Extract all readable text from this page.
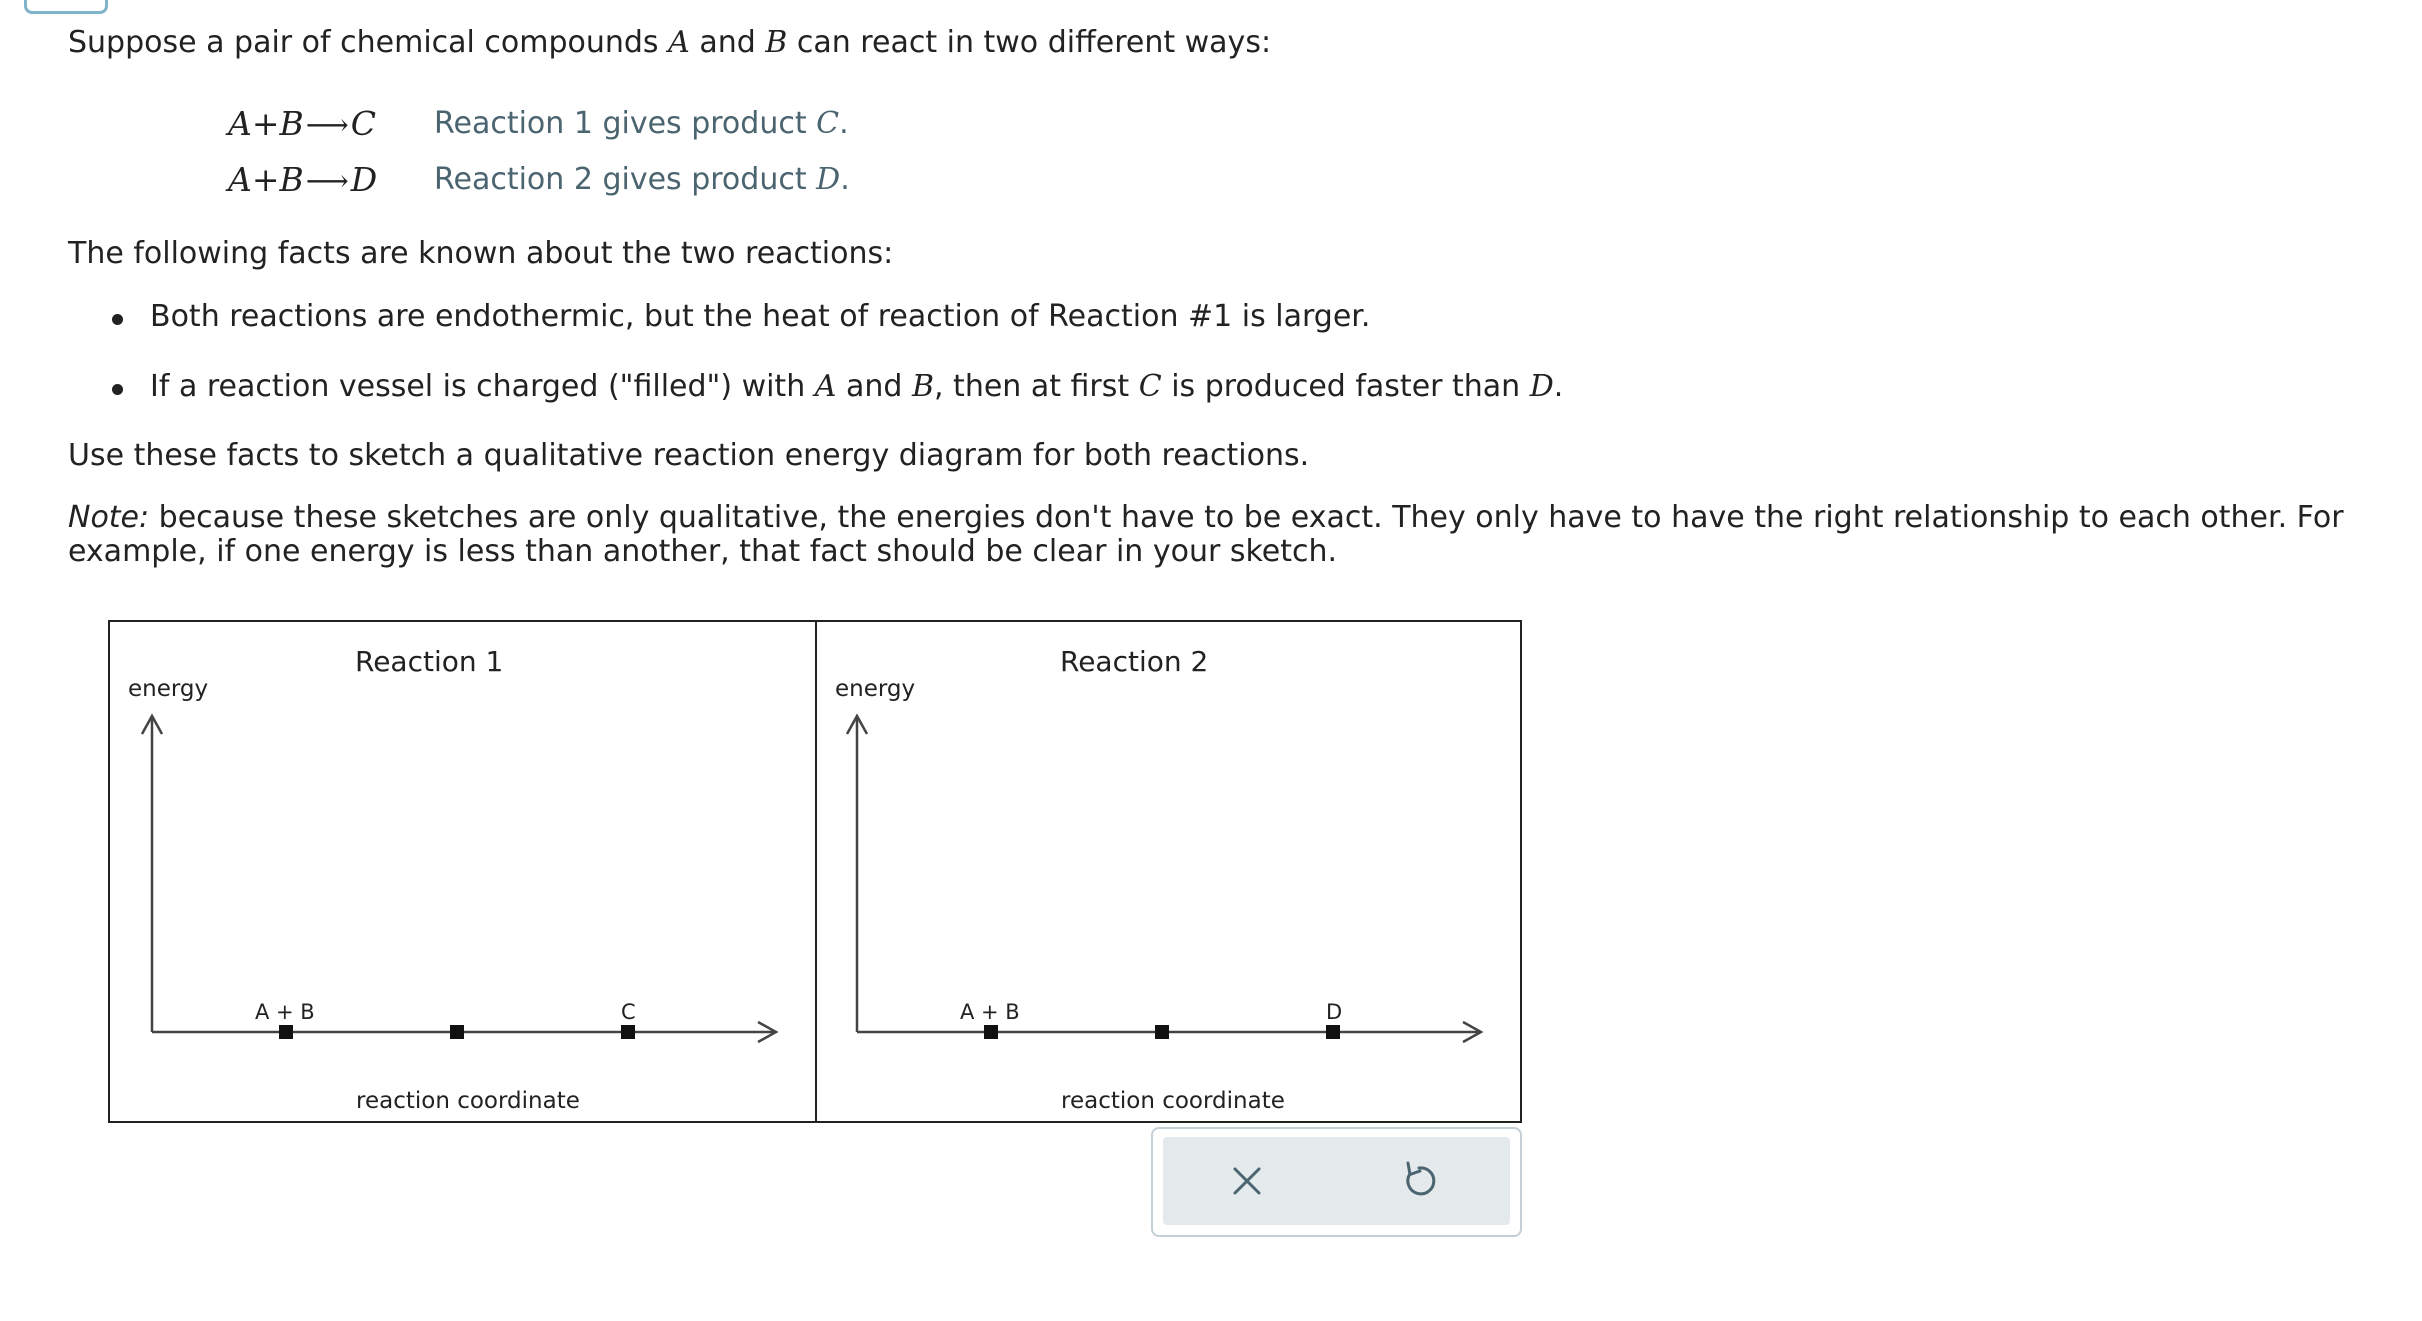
Suppose a pair of chemical compounds A and B can react in two different ways:
A+B⟶C Reaction 1 gives product C.
A+B⟶D Reaction 2 gives product D.
The following facts are known about the two reactions:
Both reactions are endothermic, but the heat of reaction of Reaction #1 is larger.
If a reaction vessel is charged ("filled") with A and B, then at first C is produced faster than D.
Use these facts to sketch a qualitative reaction energy diagram for both reactions.
Note: because these sketches are only qualitative, the energies don't have to be exact. They only have to have the right relationship to each other. For example, if one energy is less than another, that fact should be clear in your sketch.
Reaction 1
energy
reaction coordinate
A + B	C
Reaction 2
energy
reaction coordinate
A + B	D
